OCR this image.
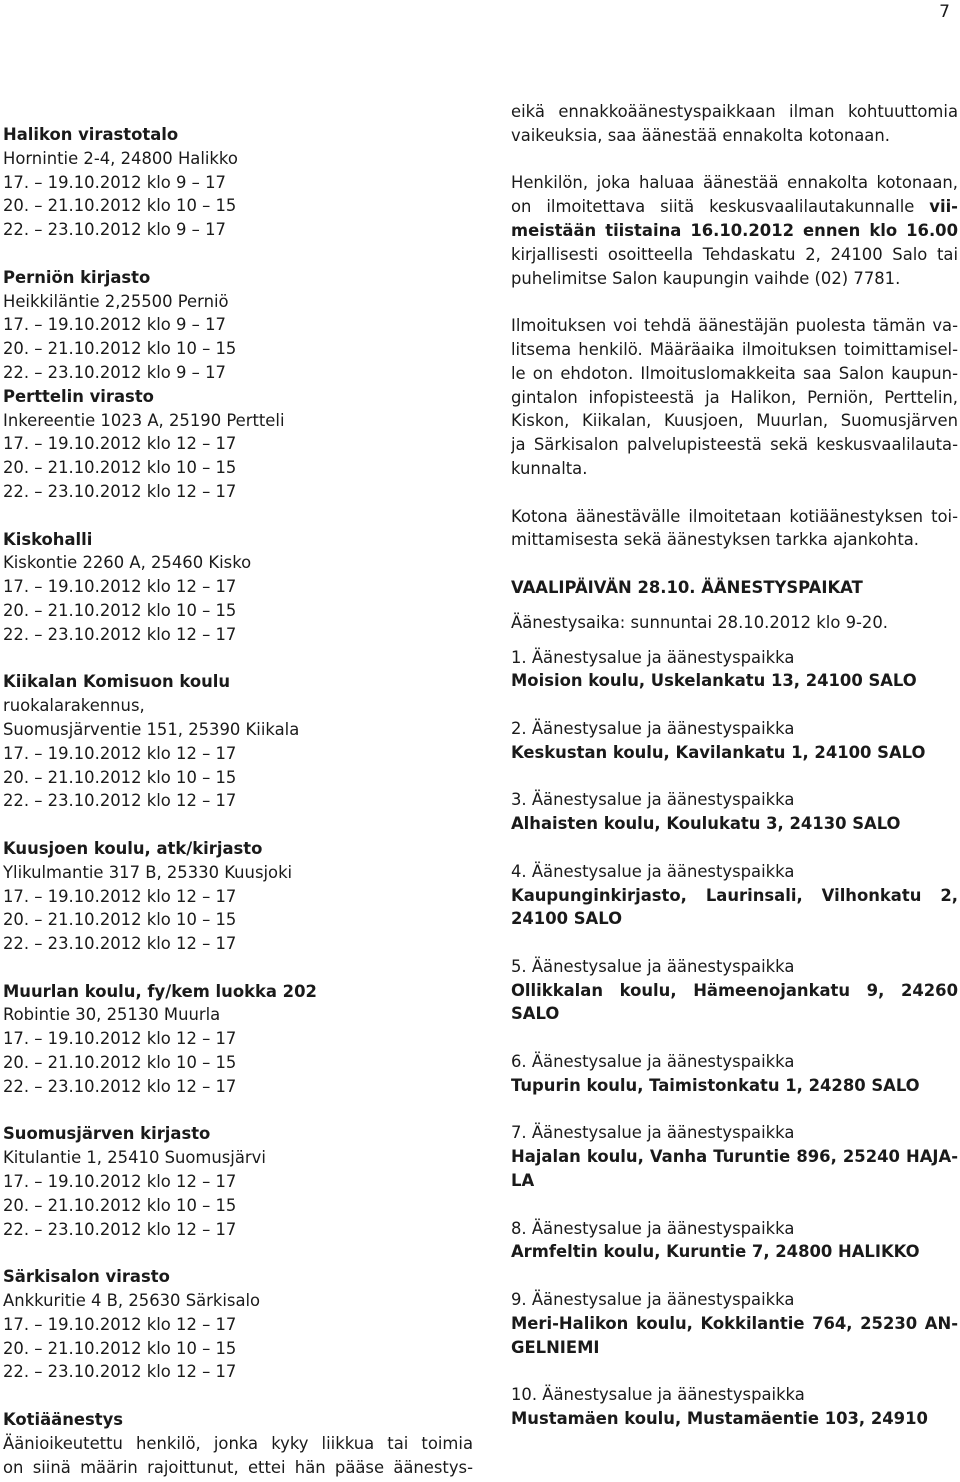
7
Halikon virastotalo
Hornintie 2-4, 24800 Halikko
17. – 19.10.2012 klo 9 – 17
20. – 21.10.2012 klo 10 – 15
22. – 23.10.2012 klo 9 – 17
Perniön kirjasto
Heikkiläntie 2,25500 Perniö
17. – 19.10.2012 klo 9 – 17
20. – 21.10.2012 klo 10 – 15
22. – 23.10.2012 klo 9 – 17
Perttelin virasto
Inkereentie 1023 A, 25190 Pertteli
17. – 19.10.2012 klo 12 – 17
20. – 21.10.2012 klo 10 – 15
22. – 23.10.2012 klo 12 – 17
Kiskohalli
Kiskontie 2260 A, 25460 Kisko
17. – 19.10.2012 klo 12 – 17
20. – 21.10.2012 klo 10 – 15
22. – 23.10.2012 klo 12 – 17
Kiikalan Komisuon koulu
ruokalarakennus,
Suomusjärventie 151, 25390 Kiikala
17. – 19.10.2012 klo 12 – 17
20. – 21.10.2012 klo 10 – 15
22. – 23.10.2012 klo 12 – 17
Kuusjoen koulu, atk/kirjasto
Ylikulmantie 317 B, 25330 Kuusjoki
17. – 19.10.2012 klo 12 – 17
20. – 21.10.2012 klo 10 – 15
22. – 23.10.2012 klo 12 – 17
Muurlan koulu, fy/kem luokka 202
Robintie 30, 25130 Muurla
17. – 19.10.2012 klo 12 – 17
20. – 21.10.2012 klo 10 – 15
22. – 23.10.2012 klo 12 – 17
Suomusjärven kirjasto
Kitulantie 1, 25410 Suomusjärvi
17. – 19.10.2012 klo 12 – 17
20. – 21.10.2012 klo 10 – 15
22. – 23.10.2012 klo 12 – 17
Särkisalon virasto
Ankkuritie 4 B, 25630 Särkisalo
17. – 19.10.2012 klo 12 – 17
20. – 21.10.2012 klo 10 – 15
22. – 23.10.2012 klo 12 – 17
Kotiäänestys
Äänioikeutettu henkilö, jonka kyky liikkua tai toimia
on siinä määrin rajoittunut, ettei hän pääse äänestys-
eikä ennakkoäänestyspaikkaan ilman kohtuuttomia
vaikeuksia, saa äänestää ennakolta kotonaan.
Henkilön, joka haluaa äänestää ennakolta kotonaan,
on ilmoitettava siitä keskusvaalilautakunnalle vii-
meistään tiistaina 16.10.2012 ennen klo 16.00
kirjallisesti osoitteella Tehdaskatu 2, 24100 Salo tai
puhelimitse Salon kaupungin vaihde (02) 7781.
Ilmoituksen voi tehdä äänestäjän puolesta tämän va-
litsema henkilö. Määräaika ilmoituksen toimittamisel-
le on ehdoton. Ilmoituslomakkeita saa Salon kaupun-
gintalon infopisteestä ja Halikon, Perniön, Perttelin,
Kiskon, Kiikalan, Kuusjoen, Muurlan, Suomusjärven
ja Särkisalon palvelupisteestä sekä keskusvaalilauta-
kunnalta.
Kotona äänestävälle ilmoitetaan kotiäänestyksen toi-
mittamisesta sekä äänestyksen tarkka ajankohta.
VAALIPÄIVÄN 28.10. ÄÄNESTYSPAIKAT
Äänestysaika: sunnuntai 28.10.2012 klo 9-20.
1. Äänestysalue ja äänestyspaikka
Moision koulu, Uskelankatu 13, 24100 SALO
2. Äänestysalue ja äänestyspaikka
Keskustan koulu, Kavilankatu 1, 24100 SALO
3. Äänestysalue ja äänestyspaikka
Alhaisten koulu, Koulukatu 3, 24130 SALO
4. Äänestysalue ja äänestyspaikka
Kaupunginkirjasto, Laurinsali, Vilhonkatu 2,
24100 SALO
5. Äänestysalue ja äänestyspaikka
Ollikkalan koulu, Hämeenojankatu 9, 24260
SALO
6. Äänestysalue ja äänestyspaikka
Tupurin koulu, Taimistonkatu 1, 24280 SALO
7. Äänestysalue ja äänestyspaikka
Hajalan koulu, Vanha Turuntie 896, 25240 HAJA-
LA
8. Äänestysalue ja äänestyspaikka
Armfeltin koulu, Kuruntie 7, 24800 HALIKKO
9. Äänestysalue ja äänestyspaikka
Meri-Halikon koulu, Kokkilantie 764, 25230 AN-
GELNIEMI
10. Äänestysalue ja äänestyspaikka
Mustamäen koulu, Mustamäentie 103, 24910
